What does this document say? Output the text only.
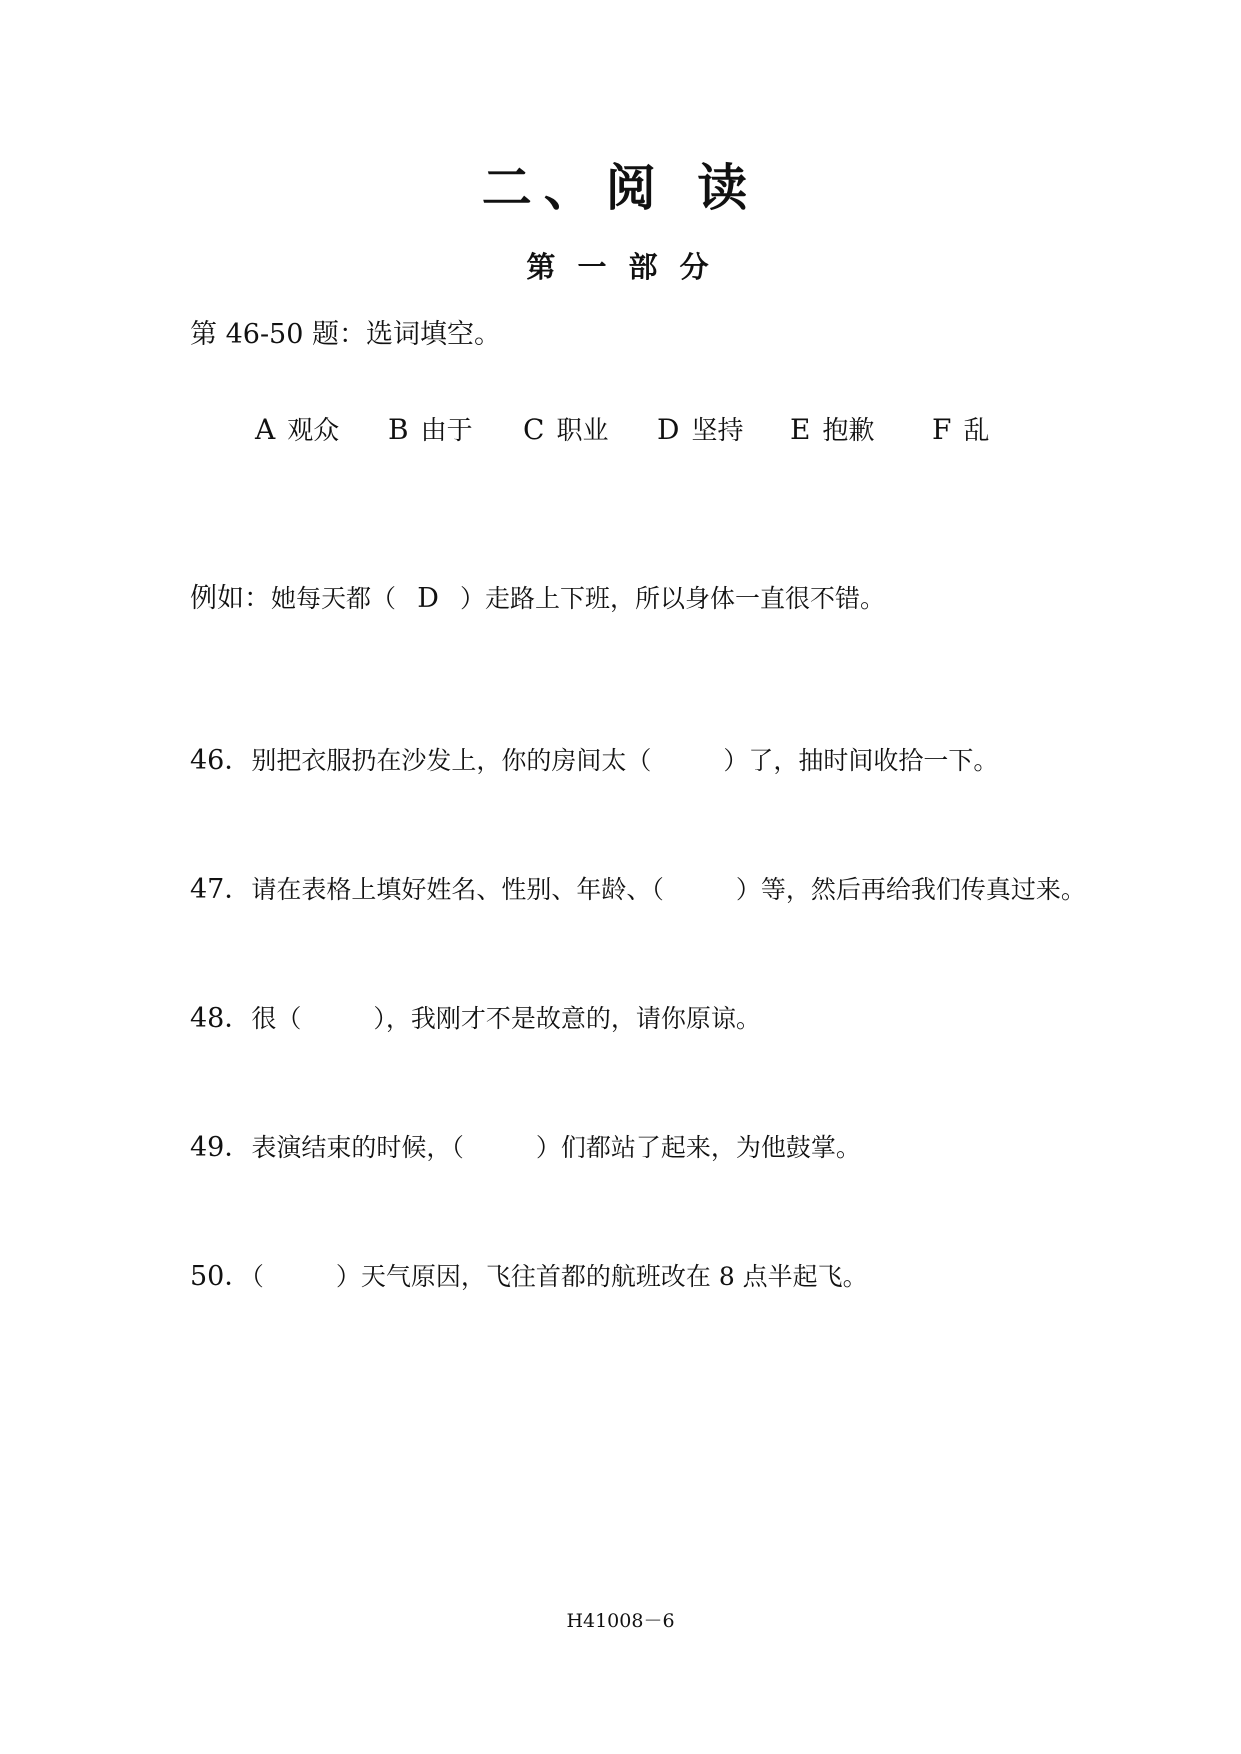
二、阅 读
第 一 部 分
第 46-50 题：选词填空。
A 观众 B 由于 C 职业 D 坚持 E 抱歉 F 乱
例如：她每天都（ D ）走路上下班，所以身体一直很不错。
46．别把衣服扔在沙发上，你的房间太（	）了，抽时间收拾一下。
47．请在表格上填好姓名、性别、年龄、（	）等，然后再给我们传真过来。
48．很（	），我刚才不是故意的，请你原谅。
49．表演结束的时候，（	）们都站了起来，为他鼓掌。
50．（	）天气原因，飞往首都的航班改在 8 点半起飞。
H41008－6
